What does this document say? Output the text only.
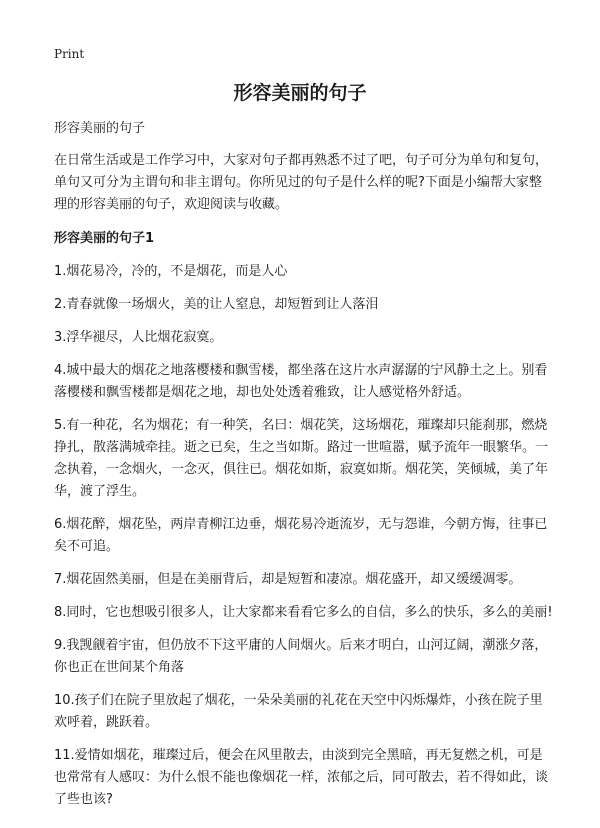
Print
形容美丽的句子

形容美丽的句子

在日常生活或是工作学习中，大家对句子都再熟悉不过了吧，句子可分为单句和复句，单句又可分为主谓句和非主谓句。你所见过的句子是什么样的呢?下面是小编帮大家整理的形容美丽的句子，欢迎阅读与收藏。

形容美丽的句子1

1.烟花易冷，冷的，不是烟花，而是人心

2.青春就像一场烟火，美的让人窒息，却短暂到让人落泪

3.浮华褪尽，人比烟花寂寞。

4.城中最大的烟花之地落樱楼和飘雪楼，都坐落在这片水声潺潺的宁风静土之上。别看落樱楼和飘雪楼都是烟花之地，却也处处透着雅致，让人感觉格外舒适。

5.有一种花，名为烟花；有一种笑，名曰：烟花笑，这场烟花，璀璨却只能刹那，燃烧挣扎，散落满城牵挂。逝之已矣，生之当如斯。路过一世喧嚣，赋予流年一眼繁华。一念执着，一念烟火，一念灭，俱往已。烟花如斯，寂寞如斯。烟花笑，笑倾城，美了年华，渡了浮生。

6.烟花醉，烟花坠，两岸青柳江边垂，烟花易冷逝流岁，无与怨谁，今朝方悔，往事已矣不可追。

7.烟花固然美丽，但是在美丽背后，却是短暂和凄凉。烟花盛开，却又缓缓凋零。

8.同时，它也想吸引很多人，让大家都来看看它多么的自信，多么的快乐，多么的美丽!

9.我觊觎着宇宙，但仍放不下这平庸的人间烟火。后来才明白，山河辽阔，潮涨夕落，你也正在世间某个角落

10.孩子们在院子里放起了烟花，一朵朵美丽的礼花在天空中闪烁爆炸，小孩在院子里欢呼着，跳跃着。

11.爱情如烟花，璀璨过后，便会在风里散去，由淡到完全黑暗，再无复燃之机，可是也常常有人感叹：为什么恨不能也像烟花一样，浓郁之后，同可散去，若不得如此，谈了些也该?
